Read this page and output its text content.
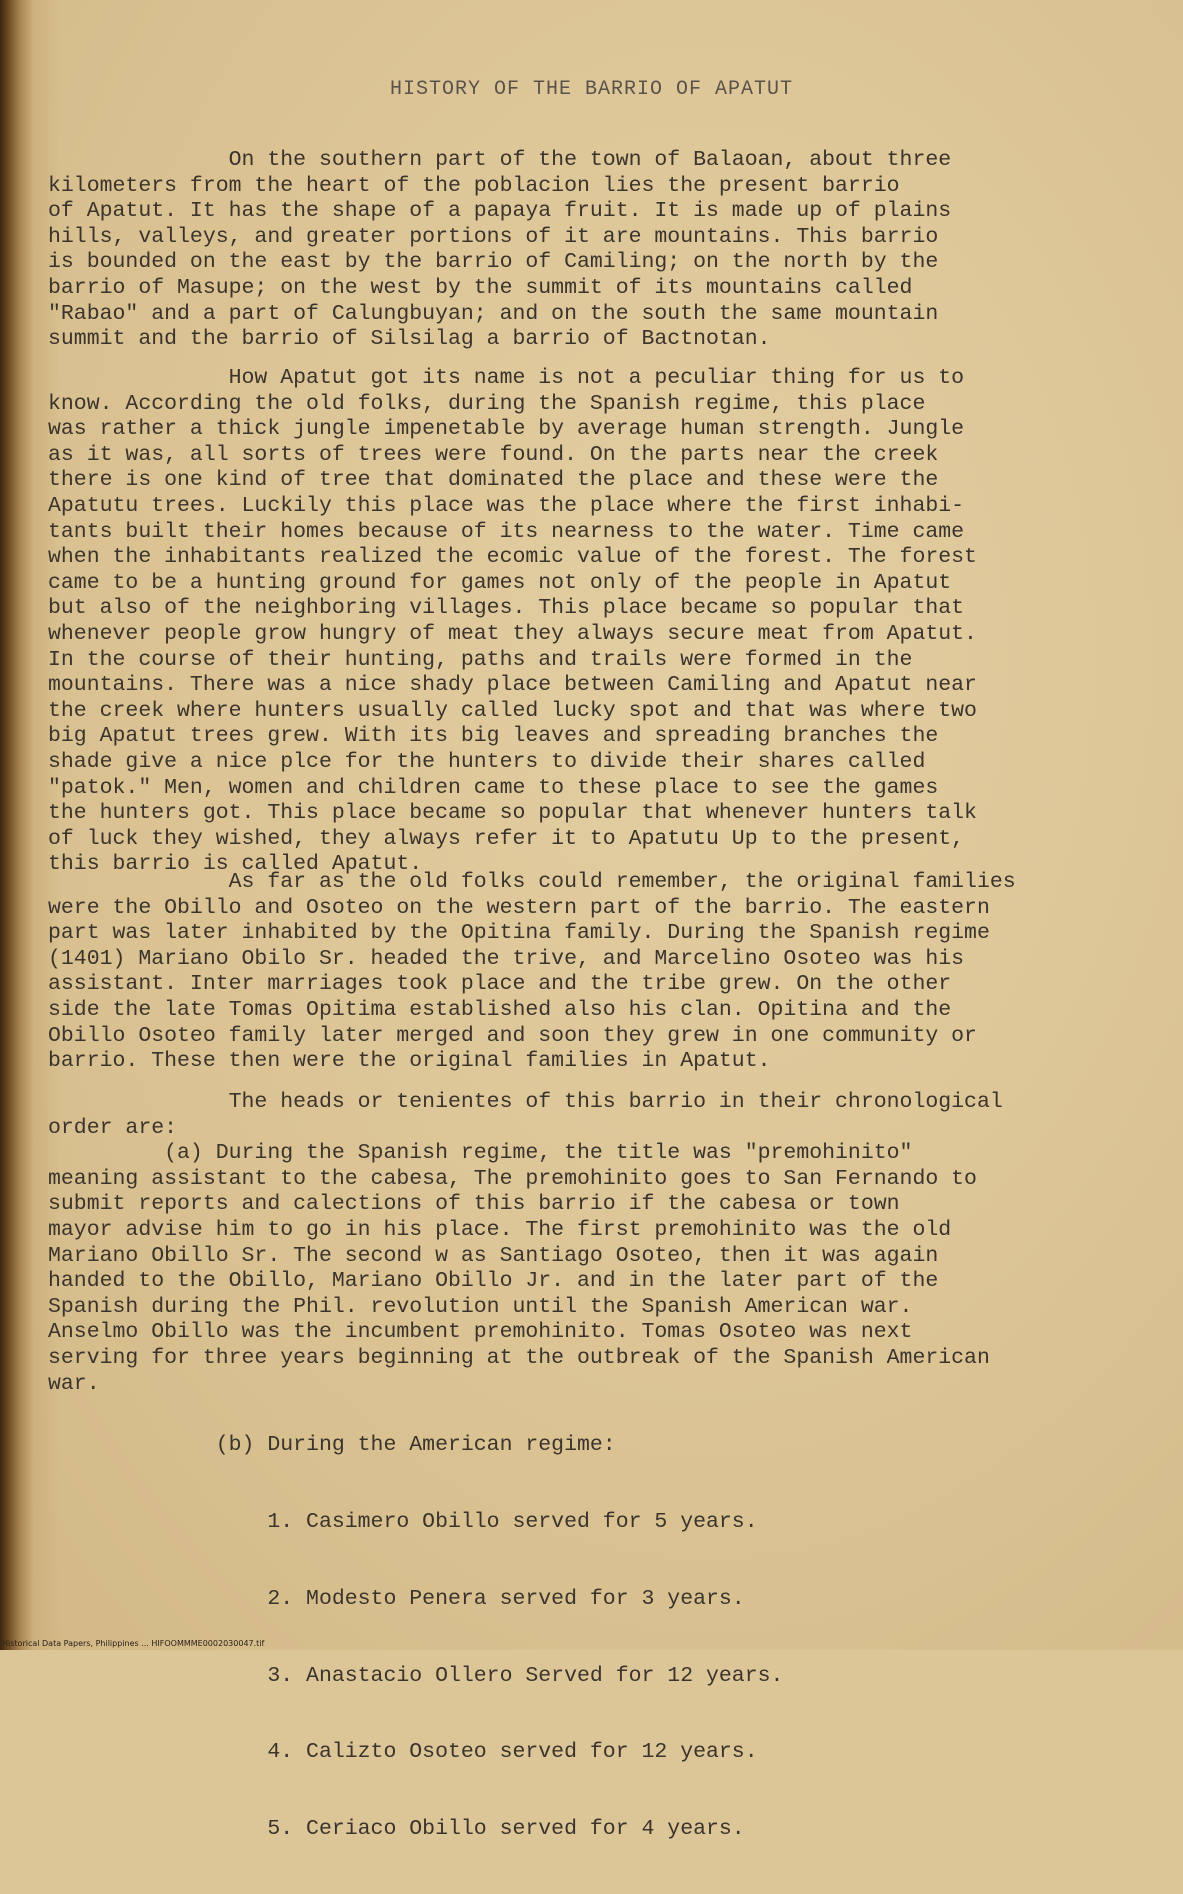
HISTORY OF THE BARRIO OF APATUT
On the southern part of the town of Balaoan, about three
kilometers from the heart of the poblacion lies the present barrio
of Apatut. It has the shape of a papaya fruit. It is made up of plains
hills, valleys, and greater portions of it are mountains. This barrio
is bounded on the east by the barrio of Camiling; on the north by the
barrio of Masupe; on the west by the summit of its mountains called
"Rabao" and a part of Calungbuyan; and on the south the same mountain
summit and the barrio of Silsilag a barrio of Bactnotan.
How Apatut got its name is not a peculiar thing for us to
know. According the old folks, during the Spanish regime, this place
was rather a thick jungle impenetable by average human strength. Jungle
as it was, all sorts of trees were found. On the parts near the creek
there is one kind of tree that dominated the place and these were the
Apatutu trees. Luckily this place was the place where the first inhabi-
tants built their homes because of its nearness to the water. Time came
when the inhabitants realized the ecomic value of the forest. The forest
came to be a hunting ground for games not only of the people in Apatut
but also of the neighboring villages. This place became so popular that
whenever people grow hungry of meat they always secure meat from Apatut.
In the course of their hunting, paths and trails were formed in the
mountains. There was a nice shady place between Camiling and Apatut near
the creek where hunters usually called lucky spot and that was where two
big Apatut trees grew. With its big leaves and spreading branches the
shade give a nice plce for the hunters to divide their shares called
"patok." Men, women and children came to these place to see the games
the hunters got. This place became so popular that whenever hunters talk
of luck they wished, they always refer it to Apatutu Up to the present,
this barrio is called Apatut.
As far as the old folks could remember, the original families
were the Obillo and Osoteo on the western part of the barrio. The eastern
part was later inhabited by the Opitina family. During the Spanish regime
(1401) Mariano Obilo Sr. headed the trive, and Marcelino Osoteo was his
assistant. Inter marriages took place and the tribe grew. On the other
side the late Tomas Opitima established also his clan. Opitina and the
Obillo Osoteo family later merged and soon they grew in one community or
barrio. These then were the original families in Apatut.
The heads or tenientes of this barrio in their chronological
order are:
(a) During the Spanish regime, the title was "premohinito"
meaning assistant to the cabesa, The premohinito goes to San Fernando to
submit reports and calections of this barrio if the cabesa or town
mayor advise him to go in his place. The first premohinito was the old
Mariano Obillo Sr. The second w as Santiago Osoteo, then it was again
handed to the Obillo, Mariano Obillo Jr. and in the later part of the
Spanish during the Phil. revolution until the Spanish American war.
Anselmo Obillo was the incumbent premohinito. Tomas Osoteo was next
serving for three years beginning at the outbreak of the Spanish American
war.

(b) During the American regime:

1. Casimero Obillo served for 5 years.

2. Modesto Penera served for 3 years.

3. Anastacio Ollero Served for 12 years.

4. Calizto Osoteo served for 12 years.

5. Ceriaco Obillo served for 4 years.

Historical Data Papers, Philippines ... HIFOOMMME0002030047.tif
